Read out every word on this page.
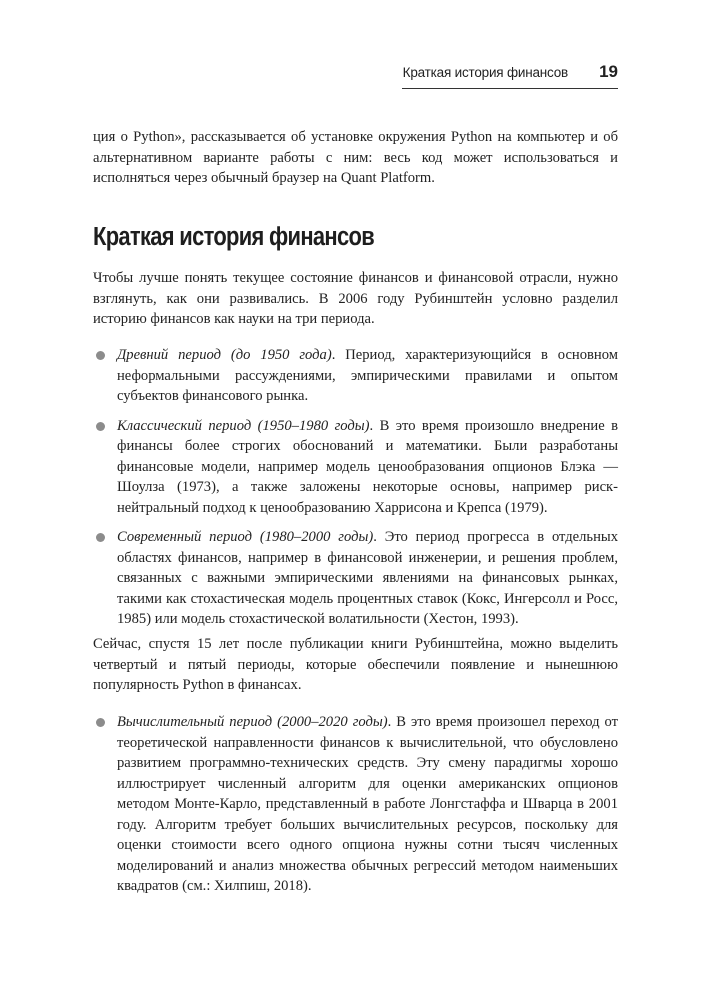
Краткая история финансов 19

ция о Python», рассказывается об установке окружения Python на компьютер и об альтернативном варианте работы с ним: весь код может использоваться и исполняться через обычный браузер на Quant Platform.

Краткая история финансов

Чтобы лучше понять текущее состояние финансов и финансовой отрасли, нужно взглянуть, как они развивались. В 2006 году Рубинштейн условно разделил историю финансов как науки на три периода.

Древний период (до 1950 года). Период, характеризующийся в основном неформальными рассуждениями, эмпирическими правилами и опытом субъектов финансового рынка.
Классический период (1950–1980 годы). В это время произошло внедрение в финансы более строгих обоснований и математики. Были разработаны финансовые модели, например модель ценообразования опционов Блэка — Шоулза (1973), а также заложены некоторые основы, например риск-нейтральный подход к ценообразованию Харрисона и Крепса (1979).
Современный период (1980–2000 годы). Это период прогресса в отдельных областях финансов, например в финансовой инженерии, и решения проблем, связанных с важными эмпирическими явлениями на финансовых рынках, такими как стохастическая модель процентных ставок (Кокс, Ингерсолл и Росс, 1985) или модель стохастической волатильности (Хестон, 1993).

Сейчас, спустя 15 лет после публикации книги Рубинштейна, можно выделить четвертый и пятый периоды, которые обеспечили появление и нынешнюю популярность Python в финансах.

Вычислительный период (2000–2020 годы). В это время произошел переход от теоретической направленности финансов к вычислительной, что обусловлено развитием программно-технических средств. Эту смену парадигмы хорошо иллюстрирует численный алгоритм для оценки американских опционов методом Монте-Карло, представленный в работе Лонгстаффа и Шварца в 2001 году. Алгоритм требует больших вычислительных ресурсов, поскольку для оценки стоимости всего одного опциона нужны сотни тысяч численных моделирований и анализ множества обычных регрессий методом наименьших квадратов (см.: Хилпиш, 2018).
